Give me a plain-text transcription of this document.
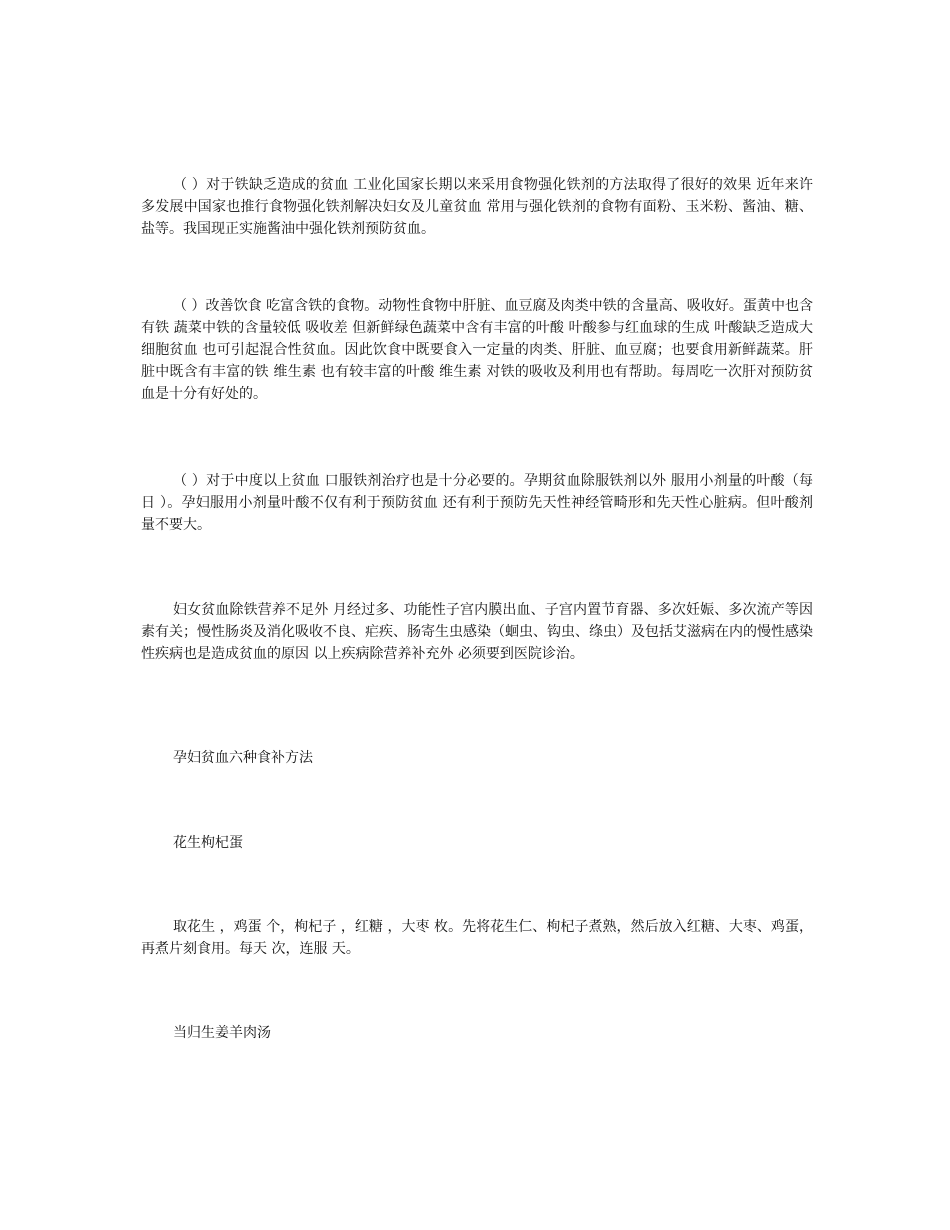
（ ）对于铁缺乏造成的贫血 工业化国家长期以来采用食物强化铁剂的方法取得了很好的效果 近年来许多发展中国家也推行食物强化铁剂解决妇女及儿童贫血 常用与强化铁剂的食物有面粉、玉米粉、酱油、糖、盐等。我国现正实施酱油中强化铁剂预防贫血。

（ ）改善饮食 吃富含铁的食物。动物性食物中肝脏、血豆腐及肉类中铁的含量高、吸收好。蛋黄中也含有铁 蔬菜中铁的含量较低 吸收差 但新鲜绿色蔬菜中含有丰富的叶酸 叶酸参与红血球的生成 叶酸缺乏造成大细胞贫血 也可引起混合性贫血。因此饮食中既要食入一定量的肉类、肝脏、血豆腐；也要食用新鲜蔬菜。肝脏中既含有丰富的铁 维生素 也有较丰富的叶酸 维生素 对铁的吸收及利用也有帮助。每周吃一次肝对预防贫血是十分有好处的。

（ ）对于中度以上贫血 口服铁剂治疗也是十分必要的。孕期贫血除服铁剂以外 服用小剂量的叶酸（每日 ）。孕妇服用小剂量叶酸不仅有利于预防贫血 还有利于预防先天性神经管畸形和先天性心脏病。但叶酸剂量不要大。

妇女贫血除铁营养不足外 月经过多、功能性子宫内膜出血、子宫内置节育器、多次妊娠、多次流产等因素有关；慢性肠炎及消化吸收不良、疟疾、肠寄生虫感染（蛔虫、钩虫、绦虫）及包括艾滋病在内的慢性感染性疾病也是造成贫血的原因 以上疾病除营养补充外 必须要到医院诊治。

孕妇贫血六种食补方法

花生枸杞蛋

取花生 ，鸡蛋 个，枸杞子 ，红糖 ，大枣 枚。先将花生仁、枸杞子煮熟，然后放入红糖、大枣、鸡蛋，再煮片刻食用。每天 次，连服 天。

当归生姜羊肉汤
